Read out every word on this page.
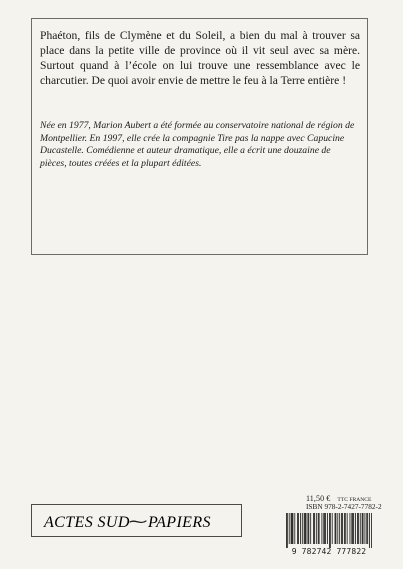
Phaéton, fils de Clymène et du Soleil, a bien du mal à trouver sa place dans la petite ville de province où il vit seul avec sa mère. Surtout quand à l’école on lui trouve une ressemblance avec le charcutier. De quoi avoir envie de mettre le feu à la Terre entière !

Née en 1977, Marion Aubert a été formée au conservatoire national de région de Montpellier. En 1997, elle crée la compagnie Tire pas la nappe avec Capucine Ducastelle. Comédienne et auteur dramatique, elle a écrit une douzaine de pièces, toutes créées et la plupart éditées.

11,50 € TTC FRANCE
ISBN 978-2-7427-7782-2
ACTES SUD PAPIERS
9 782742 777822
